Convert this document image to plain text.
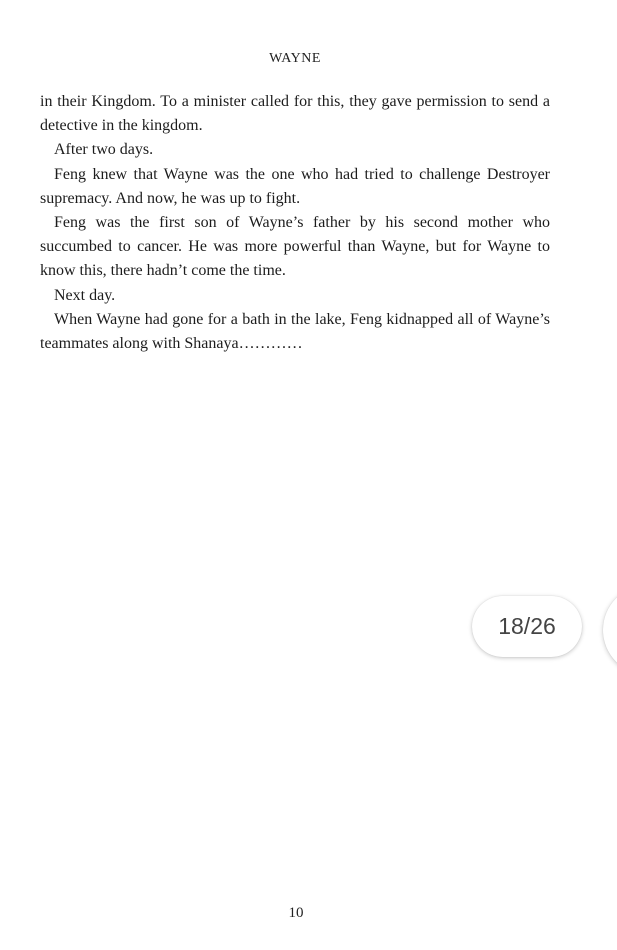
WAYNE

in their Kingdom. To a minister called for this, they gave permission to send a detective in the kingdom.

After two days.

Feng knew that Wayne was the one who had tried to challenge Destroyer supremacy. And now, he was up to fight.

Feng was the first son of Wayne’s father by his second mother who succumbed to cancer. He was more powerful than Wayne, but for Wayne to know this, there hadn’t come the time.

Next day.

When Wayne had gone for a bath in the lake, Feng kidnapped all of Wayne’s teammates along with Shanaya…………

18/26
10
